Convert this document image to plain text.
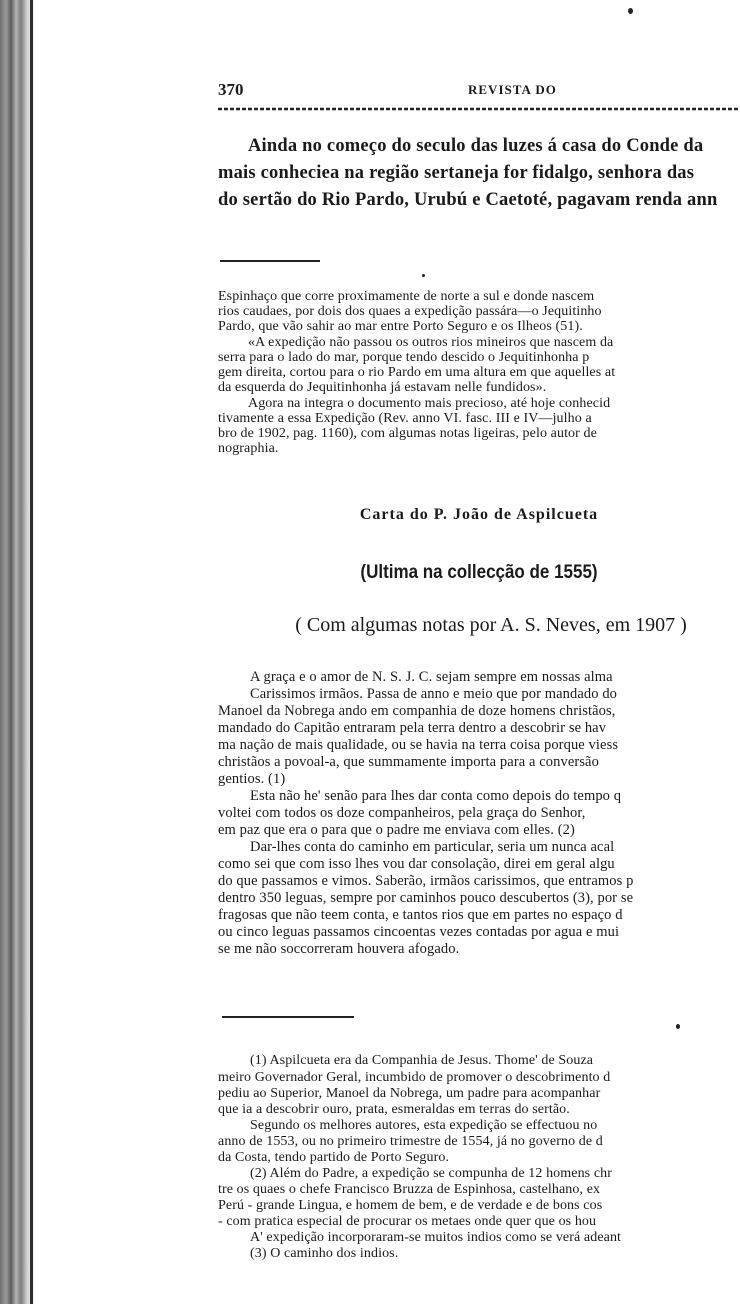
370	REVISTA DO
Ainda no começo do seculo das luzes á casa do Conde da
mais conheciea na região sertaneja for fidalgo, senhora das
do sertão do Rio Pardo, Urubú e Caetoté, pagavam renda ann
Espinhaço que corre proximamente de norte a sul e donde nascem
rios caudaes, por dois dos quaes a expedição passára—o Jequitinho
Pardo, que vão sahir ao mar entre Porto Seguro e os Ilheos (51).
«A expedição não passou os outros rios mineiros que nascem da
serra para o lado do mar, porque tendo descido o Jequitinhonha p
gem direita, cortou para o rio Pardo em uma altura em que aquelles at
da esquerda do Jequitinhonha já estavam nelle fundidos».
Agora na integra o documento mais precioso, até hoje conhecid
tivamente a essa Expedição (Rev. anno VI. fasc. III e IV—julho a
bro de 1902, pag. 1160), com algumas notas ligeiras, pelo autor de
nographia.
Carta do P. João de Aspilcueta
(Ultima na collecção de 1555)
( Com algumas notas por A. S. Neves, em 1907 )
A graça e o amor de N. S. J. C. sejam sempre em nossas alma
Carissimos irmãos. Passa de anno e meio que por mandado do
Manoel da Nobrega ando em companhia de doze homens christãos,
mandado do Capitão entraram pela terra dentro a descobrir se hav
ma nação de mais qualidade, ou se havia na terra coisa porque viess
christãos a povoal-a, que summamente importa para a conversão
gentios. (1)
Esta não he' senão para lhes dar conta como depois do tempo q
voltei com todos os doze companheiros, pela graça do Senhor,
em paz que era o para que o padre me enviava com elles. (2)
Dar-lhes conta do caminho em particular, seria um nunca acal
como sei que com isso lhes vou dar consolação, direi em geral algu
do que passamos e vimos. Saberão, irmãos carissimos, que entramos p
dentro 350 leguas, sempre por caminhos pouco descubertos (3), por se
fragosas que não teem conta, e tantos rios que em partes no espaço d
ou cinco leguas passamos cincoentas vezes contadas por agua e mui
se me não soccorreram houvera afogado.
(1) Aspilcueta era da Companhia de Jesus. Thome' de Souza
meiro Governador Geral, incumbido de promover o descobrimento d
pediu ao Superior, Manoel da Nobrega, um padre para acompanhar
que ia a descobrir ouro, prata, esmeraldas em terras do sertão.
Segundo os melhores autores, esta expedição se effectuou no
anno de 1553, ou no primeiro trimestre de 1554, já no governo de d
da Costa, tendo partido de Porto Seguro.
(2) Além do Padre, a expedição se compunha de 12 homens chr
tre os quaes o chefe Francisco Bruzza de Espinhosa, castelhano, ex
Perú - grande Lingua, e homem de bem, e de verdade e de bons cos
- com pratica especial de procurar os metaes onde quer que os hou
A' expedição incorporaram-se muitos indios como se verá adeant
(3) O caminho dos indios.
